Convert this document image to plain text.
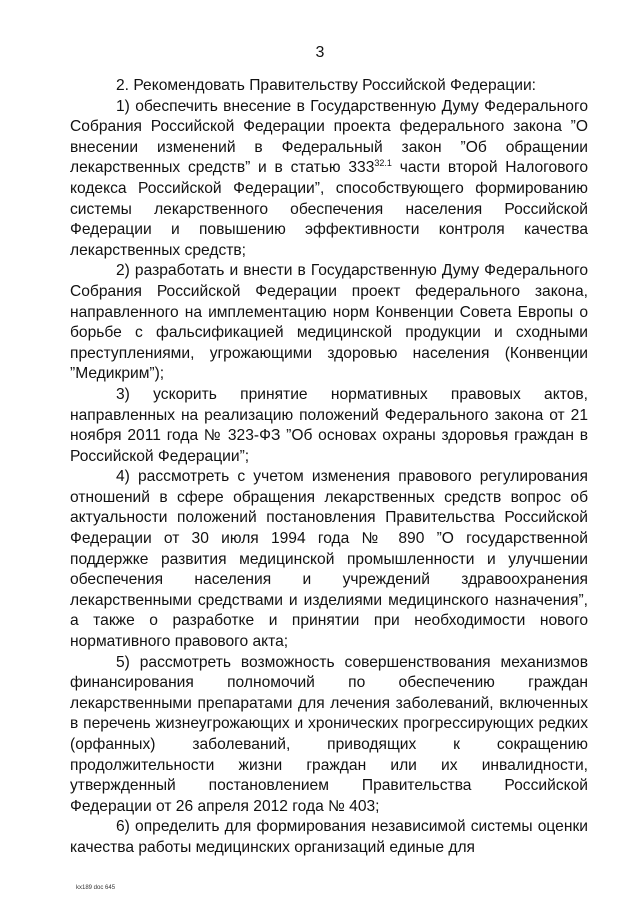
3

2. Рекомендовать Правительству Российской Федерации:

1) обеспечить внесение в Государственную Думу Федерального Собрания Российской Федерации проекта федерального закона ”О внесении изменений в Федеральный закон ”Об обращении лекарственных средств” и в статью $333^{32.1}$ части второй Налогового кодекса Российской Федерации”, способствующего формированию системы лекарственного обеспечения населения Российской Федерации и повышению эффективности контроля качества лекарственных средств;

2) разработать и внести в Государственную Думу Федерального Собрания Российской Федерации проект федерального закона, направленного на имплементацию норм Конвенции Совета Европы о борьбе с фальсификацией медицинской продукции и сходными преступлениями, угрожающими здоровью населения (Конвенции ”Медикрим”);

3) ускорить принятие нормативных правовых актов, направленных на реализацию положений Федерального закона от 21 ноября 2011 года № 323-ФЗ ”Об основах охраны здоровья граждан в Российской Федерации”;

4) рассмотреть с учетом изменения правового регулирования отношений в сфере обращения лекарственных средств вопрос об актуальности положений постановления Правительства Российской Федерации от 30 июля 1994 года № 890 ”О государственной поддержке развития медицинской промышленности и улучшении обеспечения населения и учреждений здравоохранения лекарственными средствами и изделиями медицинского назначения”, а также о разработке и принятии при необходимости нового нормативного правового акта;

5) рассмотреть возможность совершенствования механизмов финансирования полномочий по обеспечению граждан лекарственными препаратами для лечения заболеваний, включенных в перечень жизнеугрожающих и хронических прогрессирующих редких (орфанных) заболеваний, приводящих к сокращению продолжительности жизни граждан или их инвалидности, утвержденный постановлением Правительства Российской Федерации от 26 апреля 2012 года № 403;

6) определить для формирования независимой системы оценки качества работы медицинских организаций единые для

kx189 doc 645
